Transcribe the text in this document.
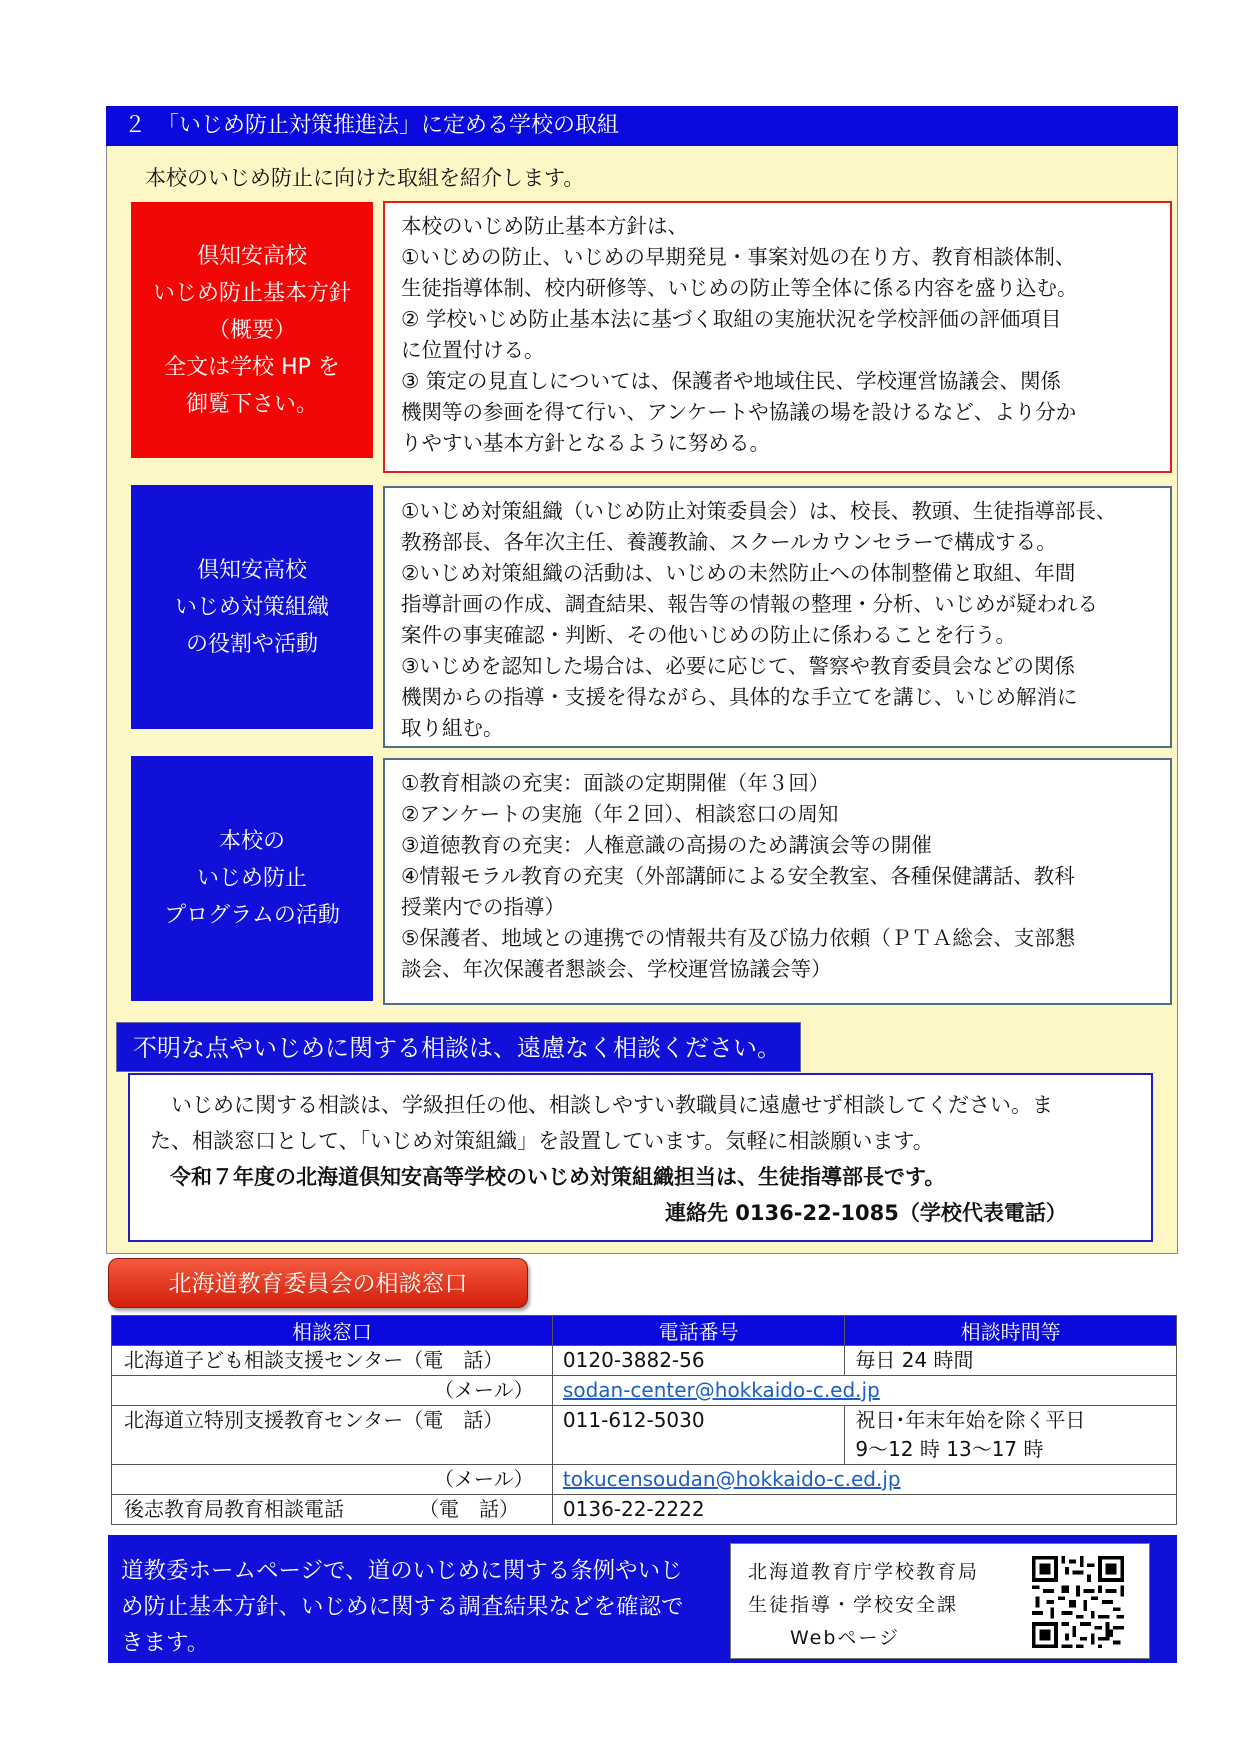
２　「いじめ防止対策推進法」に定める学校の取組
本校のいじめ防止に向けた取組を紹介します。
倶知安高校
いじめ防止基本方針
（概要）
全文は学校 HP を
御覧下さい。
本校のいじめ防止基本方針は、
①いじめの防止、いじめの早期発見・事案対処の在り方、教育相談体制、
生徒指導体制、校内研修等、いじめの防止等全体に係る内容を盛り込む。
② 学校いじめ防止基本法に基づく取組の実施状況を学校評価の評価項目
に位置付ける。
③ 策定の見直しについては、保護者や地域住民、学校運営協議会、関係
機関等の参画を得て行い、アンケートや協議の場を設けるなど、より分か
りやすい基本方針となるように努める。
倶知安高校
いじめ対策組織
の役割や活動
①いじめ対策組織（いじめ防止対策委員会）は、校長、教頭、生徒指導部長、
教務部長、各年次主任、養護教諭、スクールカウンセラーで構成する。
②いじめ対策組織の活動は、いじめの未然防止への体制整備と取組、年間
指導計画の作成、調査結果、報告等の情報の整理・分析、いじめが疑われる
案件の事実確認・判断、その他いじめの防止に係わることを行う。
③いじめを認知した場合は、必要に応じて、警察や教育委員会などの関係
機関からの指導・支援を得ながら、具体的な手立てを講じ、いじめ解消に
取り組む。
本校の
いじめ防止
プログラムの活動
①教育相談の充実：面談の定期開催（年３回）
②アンケートの実施（年２回）、相談窓口の周知
③道徳教育の充実：人権意識の高揚のため講演会等の開催
④情報モラル教育の充実（外部講師による安全教室、各種保健講話、教科
授業内での指導）
⑤保護者、地域との連携での情報共有及び協力依頼（ＰＴＡ総会、支部懇
談会、年次保護者懇談会、学校運営協議会等）
不明な点やいじめに関する相談は、遠慮なく相談ください。
　いじめに関する相談は、学級担任の他、相談しやすい教職員に遠慮せず相談してください。ま
た、相談窓口として、「いじめ対策組織」を設置しています。気軽に相談願います。
令和７年度の北海道倶知安高等学校のいじめ対策組織担当は、生徒指導部長です。
連絡先 0136-22-1085（学校代表電話）
北海道教育委員会の相談窓口
相談窓口	電話番号	相談時間等
北海道子ども相談支援センター（電　話）	0120-3882-56	毎日 24 時間
（メール）	sodan-center@hokkaido-c.ed.jp	
北海道立特別支援教育センター（電　話）	011-612-5030	祝日･年末年始を除く平日
9～12 時 13～17 時

（メール）	tokucensoudan@hokkaido-c.ed.jp	
後志教育局教育相談電話 （電　話）	0136-22-2222	
道教委ホームページで、道のいじめに関する条例やいじ
め防止基本方針、いじめに関する調査結果などを確認で
きます。
北海道教育庁学校教育局
生徒指導・学校安全課
　　Webページ
